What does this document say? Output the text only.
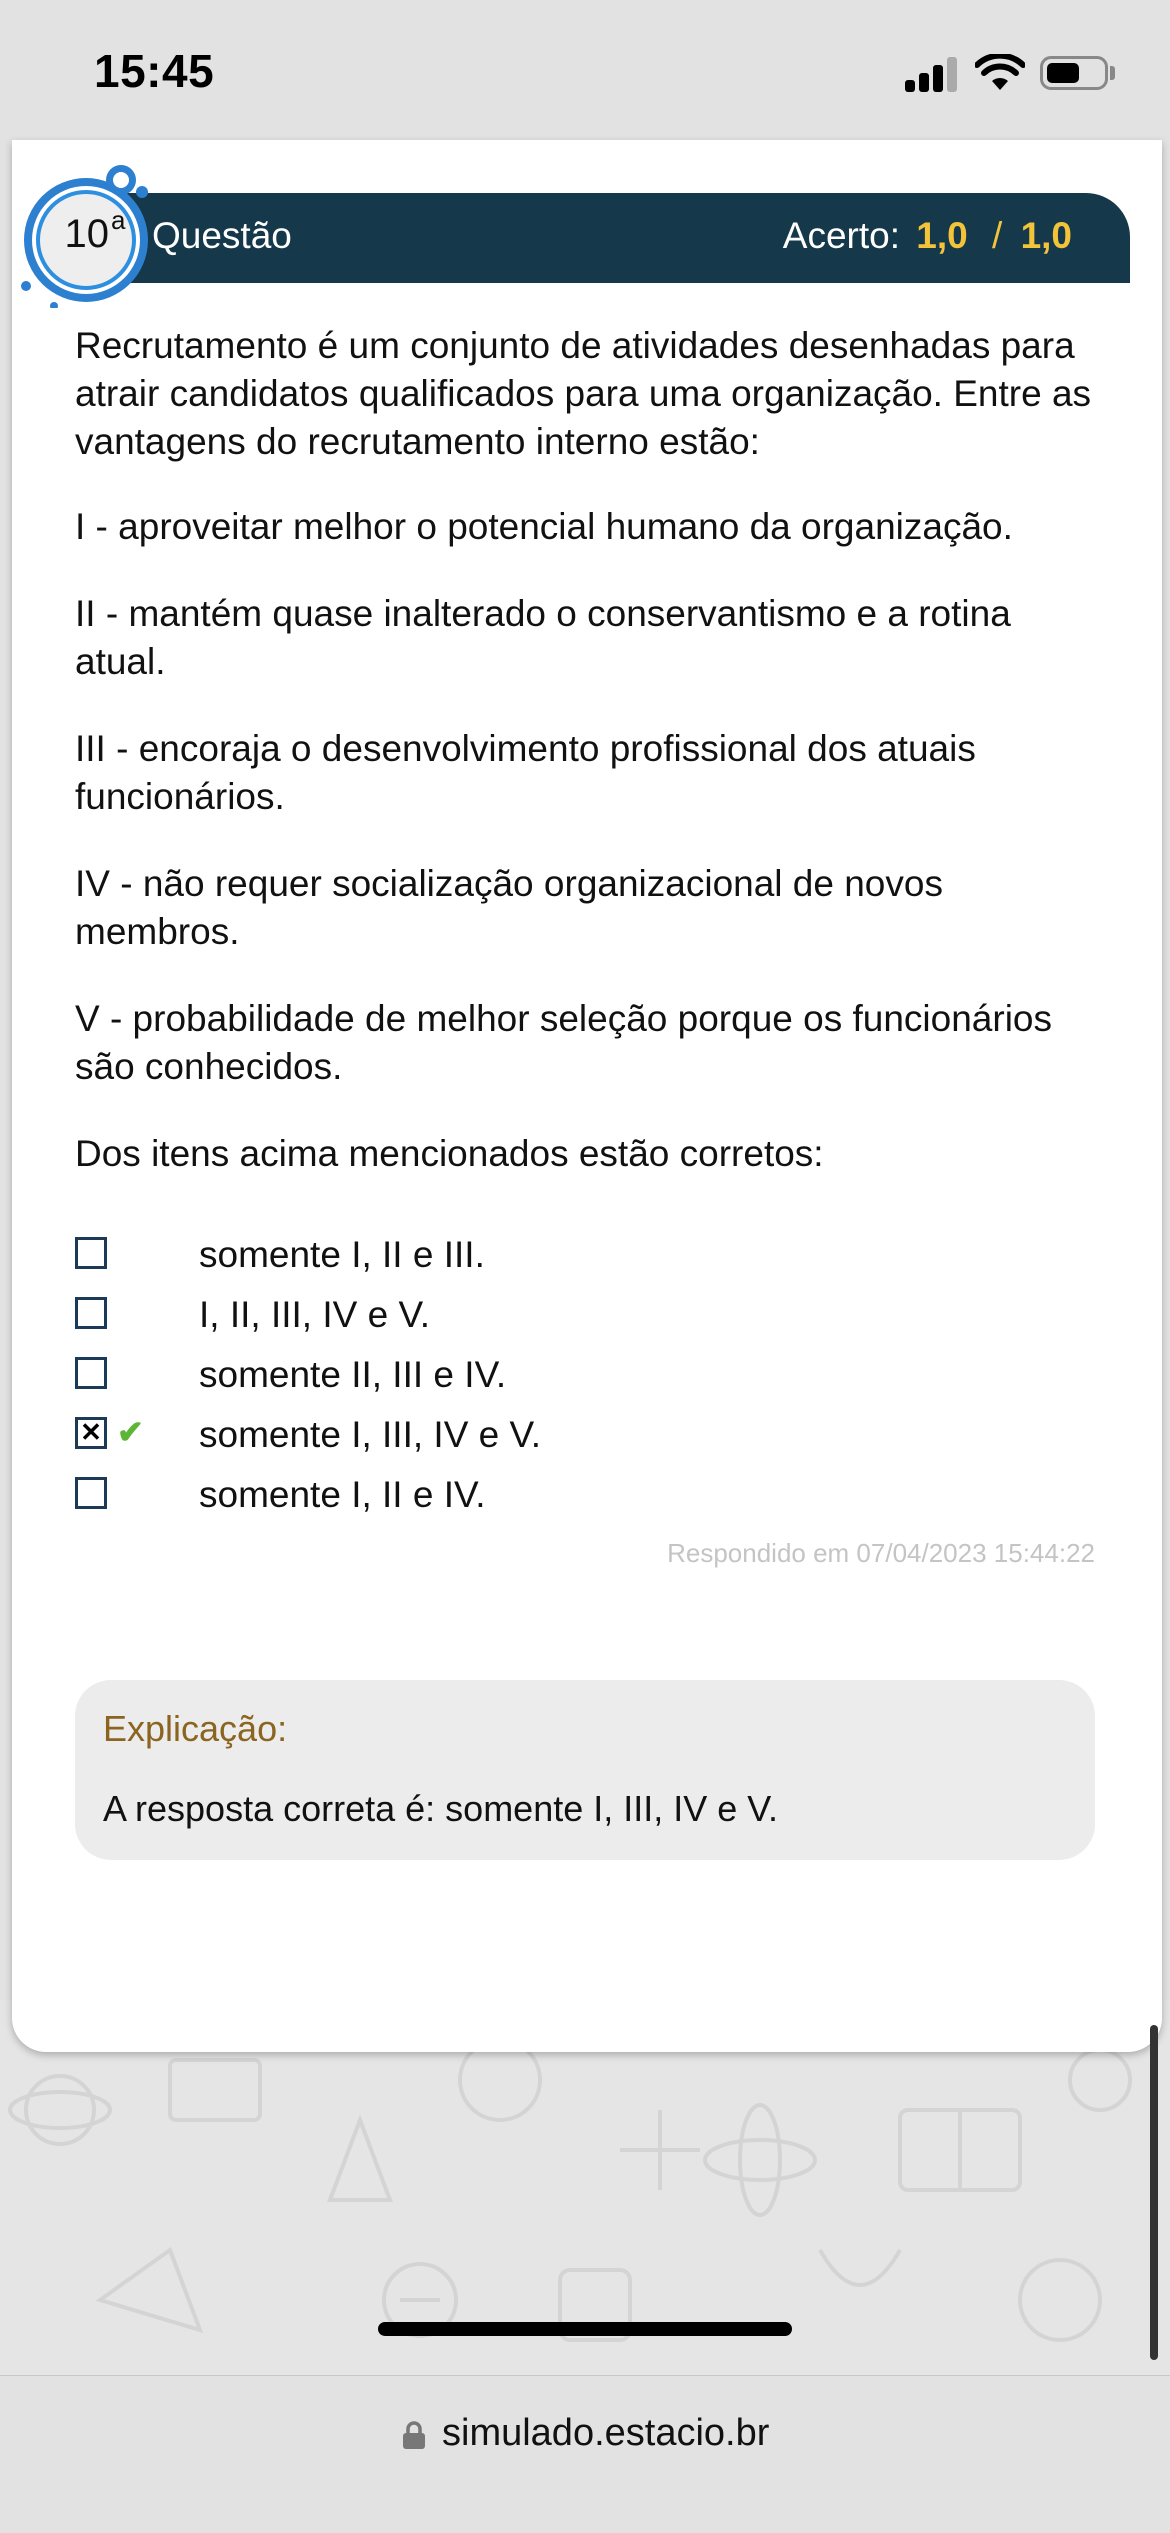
15:45
Questão	Acerto: 1,0 / 1,0
10$^a$
Recrutamento é um conjunto de atividades desenhadas para atrair candidatos qualificados para uma organização. Entre as vantagens do recrutamento interno estão:
I - aproveitar melhor o potencial humano da organização.
II - mantém quase inalterado o conservantismo e a rotina atual.
III - encoraja o desenvolvimento profissional dos atuais funcionários.
IV - não requer socialização organizacional de novos membros.
V - probabilidade de melhor seleção porque os funcionários são conhecidos.
Dos itens acima mencionados estão corretos:
somente I, II e III.
I, II, III, IV e V.
somente II, III e IV.
✕
✔ somente I, III, IV e V.
somente I, II e IV.
Respondido em 07/04/2023 15:44:22
Explicação:
A resposta correta é: somente I, III, IV e V.
simulado.estacio.br
